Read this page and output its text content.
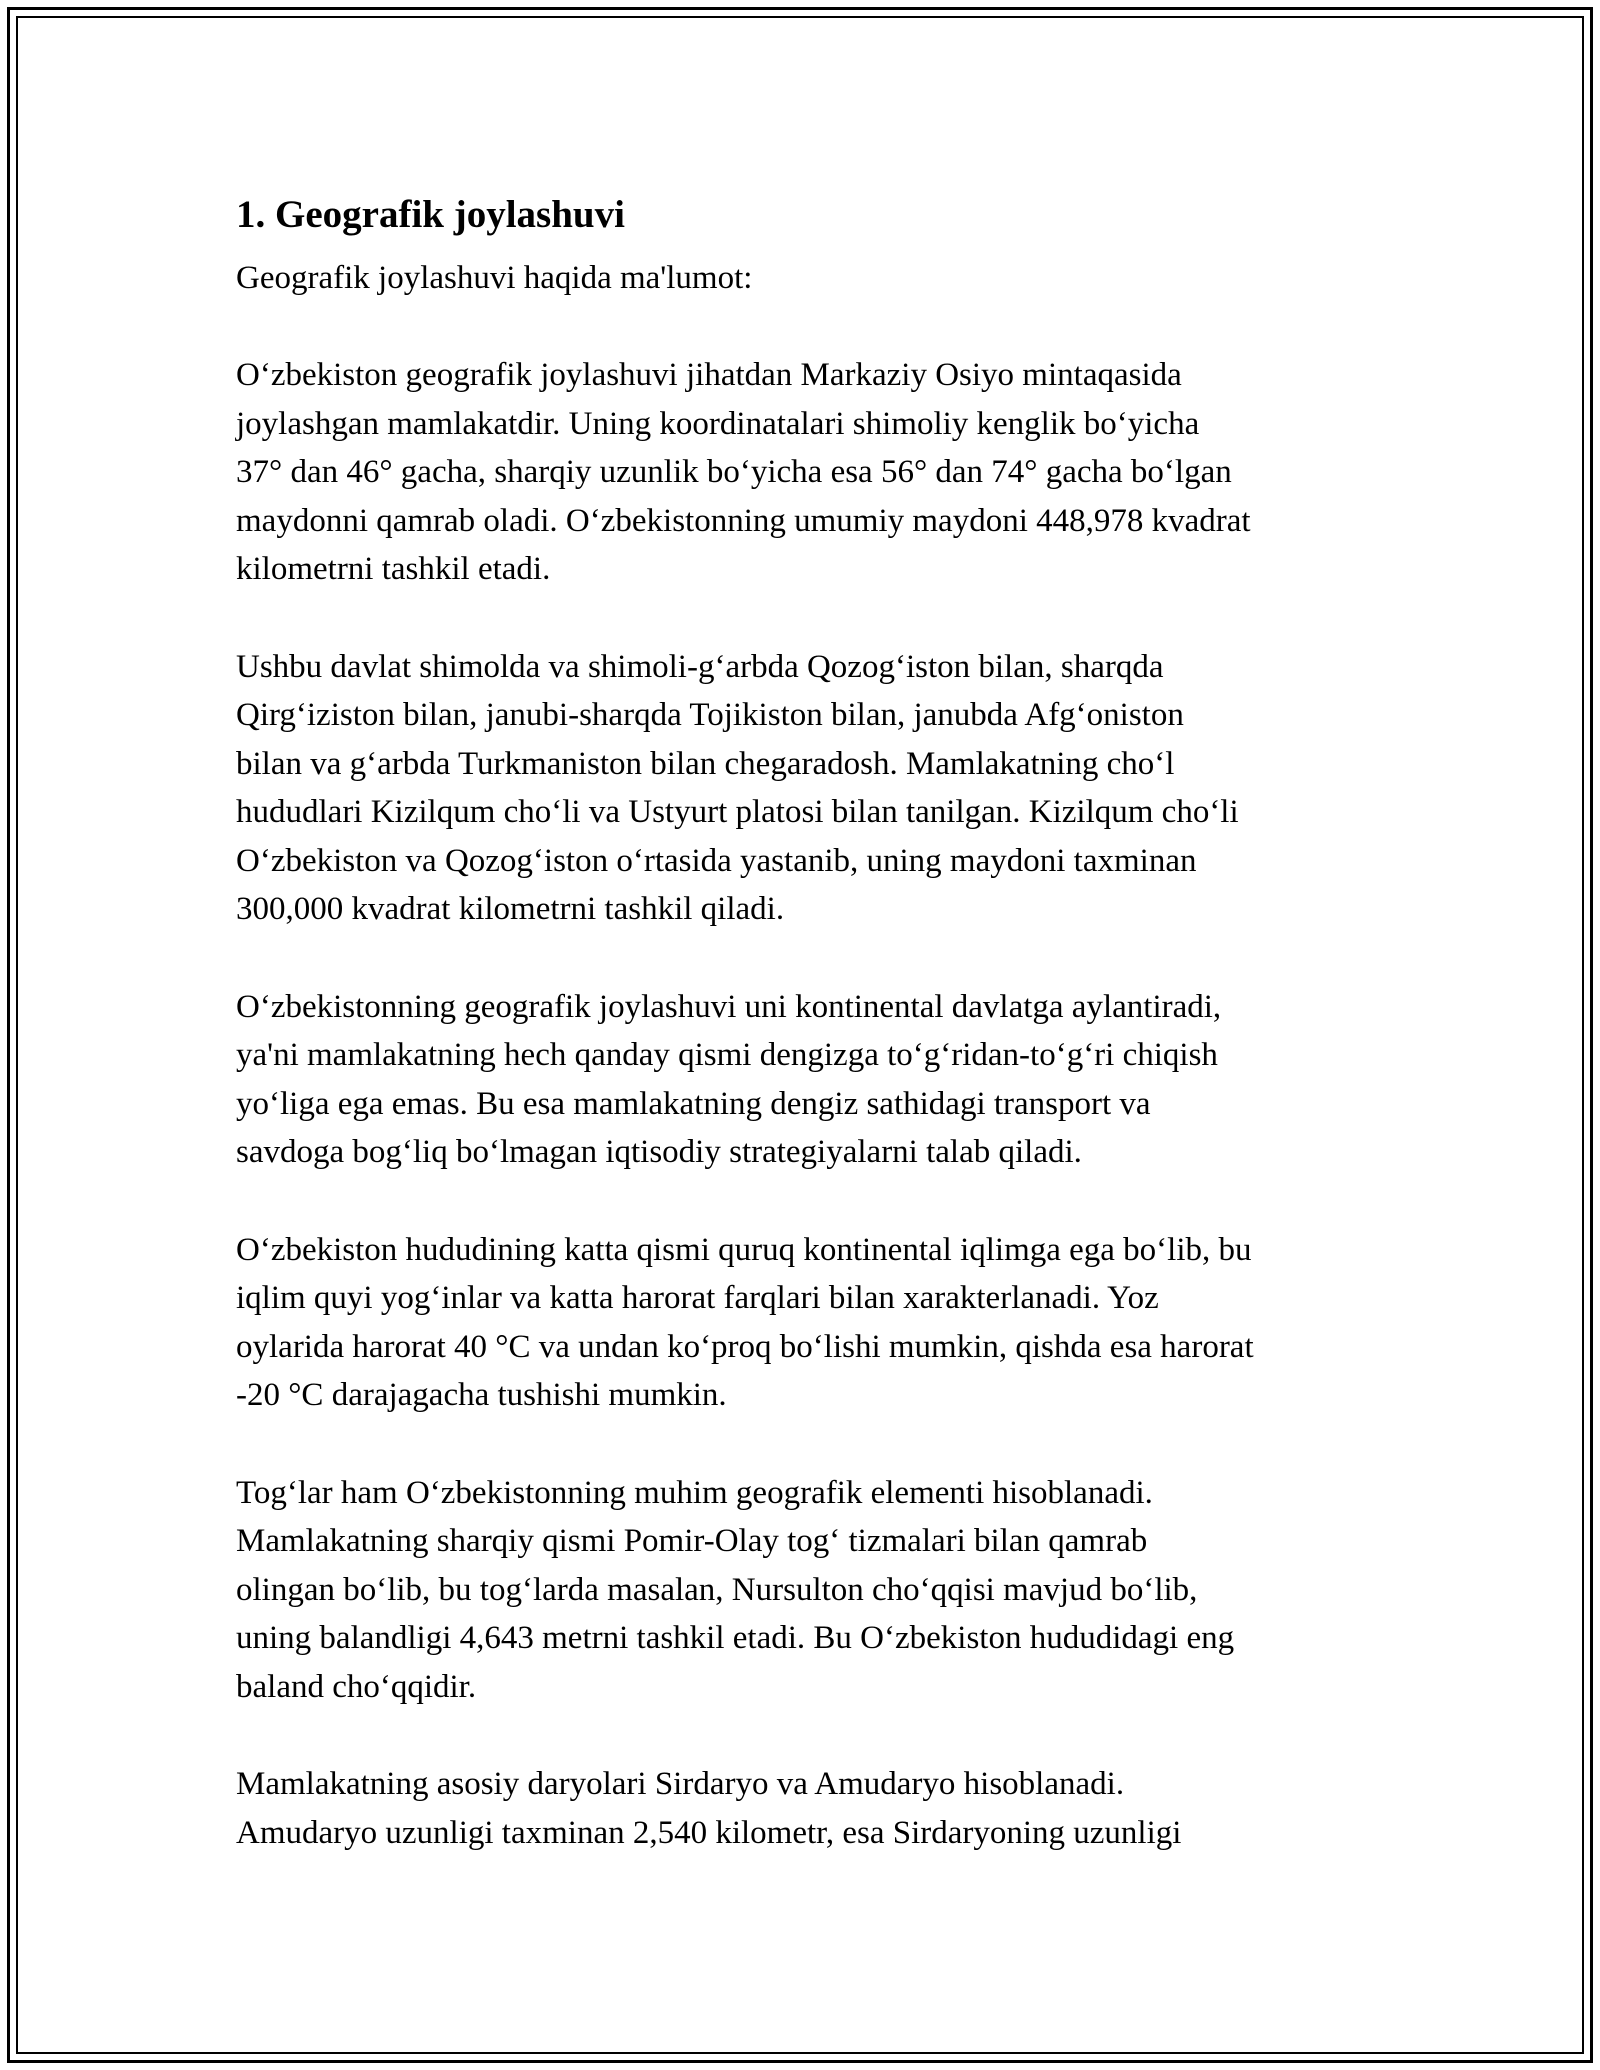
1. Geografik joylashuvi

Geografik joylashuvi haqida ma'lumot:

O‘zbekiston geografik joylashuvi jihatdan Markaziy Osiyo mintaqasida
joylashgan mamlakatdir. Uning koordinatalari shimoliy kenglik bo‘yicha
37° dan 46° gacha, sharqiy uzunlik bo‘yicha esa 56° dan 74° gacha bo‘lgan
maydonni qamrab oladi. O‘zbekistonning umumiy maydoni 448,978 kvadrat
kilometrni tashkil etadi.

Ushbu davlat shimolda va shimoli-g‘arbda Qozog‘iston bilan, sharqda
Qirg‘iziston bilan, janubi-sharqda Tojikiston bilan, janubda Afg‘oniston
bilan va g‘arbda Turkmaniston bilan chegaradosh. Mamlakatning cho‘l
hududlari Kizilqum cho‘li va Ustyurt platosi bilan tanilgan. Kizilqum cho‘li
O‘zbekiston va Qozog‘iston o‘rtasida yastanib, uning maydoni taxminan
300,000 kvadrat kilometrni tashkil qiladi.

O‘zbekistonning geografik joylashuvi uni kontinental davlatga aylantiradi,
ya'ni mamlakatning hech qanday qismi dengizga to‘g‘ridan-to‘g‘ri chiqish
yo‘liga ega emas. Bu esa mamlakatning dengiz sathidagi transport va
savdoga bog‘liq bo‘lmagan iqtisodiy strategiyalarni talab qiladi.

O‘zbekiston hududining katta qismi quruq kontinental iqlimga ega bo‘lib, bu
iqlim quyi yog‘inlar va katta harorat farqlari bilan xarakterlanadi. Yoz
oylarida harorat 40 °C va undan ko‘proq bo‘lishi mumkin, qishda esa harorat
-20 °C darajagacha tushishi mumkin.

Tog‘lar ham O‘zbekistonning muhim geografik elementi hisoblanadi.
Mamlakatning sharqiy qismi Pomir-Olay tog‘ tizmalari bilan qamrab
olingan bo‘lib, bu tog‘larda masalan, Nursulton cho‘qqisi mavjud bo‘lib,
uning balandligi 4,643 metrni tashkil etadi. Bu O‘zbekiston hududidagi eng
baland cho‘qqidir.

Mamlakatning asosiy daryolari Sirdaryo va Amudaryo hisoblanadi.
Amudaryo uzunligi taxminan 2,540 kilometr, esa Sirdaryoning uzunligi
